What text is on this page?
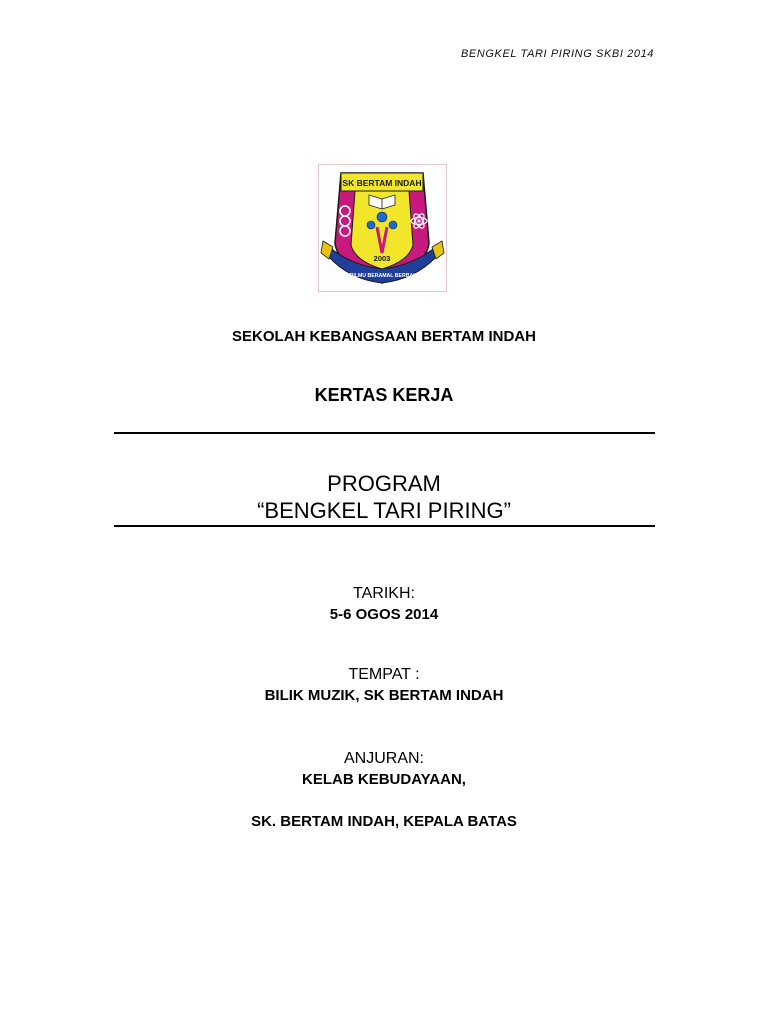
BENGKEL TARI PIRING SKBI 2014
SK BERTAM INDAH
2003
BERILMU BERAMAL BERBAKTI
SEKOLAH KEBANGSAAN BERTAM INDAH
KERTAS KERJA
PROGRAM
“BENGKEL TARI PIRING”
TARIKH:
5-6 OGOS 2014
TEMPAT :
BILIK MUZIK, SK BERTAM INDAH
ANJURAN:
KELAB KEBUDAYAAN,
SK. BERTAM INDAH, KEPALA BATAS
